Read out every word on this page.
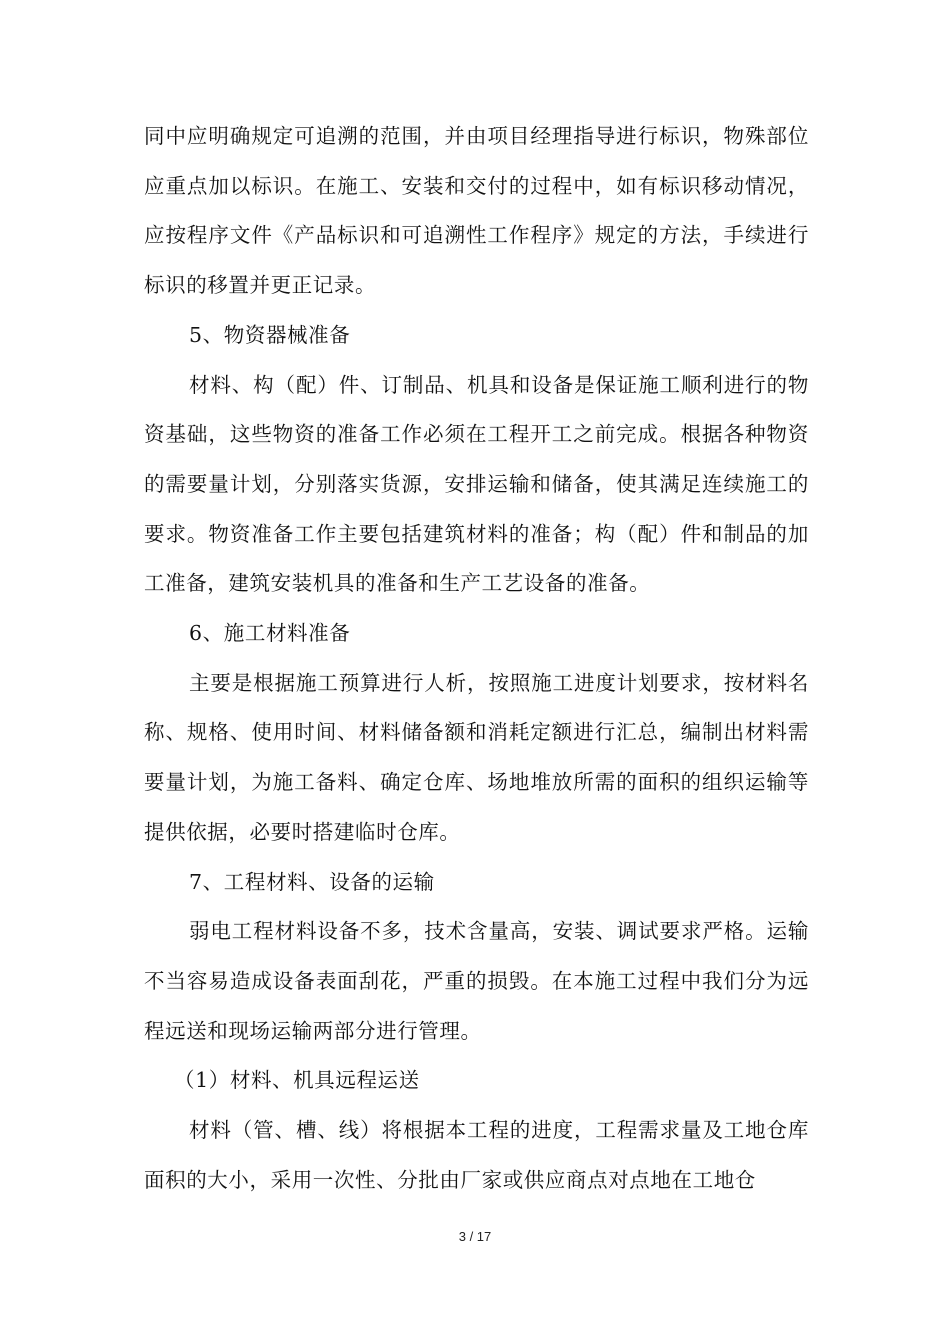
同中应明确规定可追溯的范围，并由项目经理指导进行标识，物殊部位应重点加以标识。在施工、安装和交付的过程中，如有标识移动情况，应按程序文件《产品标识和可追溯性工作程序》规定的方法，手续进行标识的移置并更正记录。

5、物资器械准备

材料、构（配）件、订制品、机具和设备是保证施工顺利进行的物资基础，这些物资的准备工作必须在工程开工之前完成。根据各种物资的需要量计划，分别落实货源，安排运输和储备，使其满足连续施工的要求。物资准备工作主要包括建筑材料的准备；构（配）件和制品的加工准备，建筑安装机具的准备和生产工艺设备的准备。

6、施工材料准备

主要是根据施工预算进行人析，按照施工进度计划要求，按材料名称、规格、使用时间、材料储备额和消耗定额进行汇总，编制出材料需要量计划，为施工备料、确定仓库、场地堆放所需的面积的组织运输等提供依据，必要时搭建临时仓库。

7、工程材料、设备的运输

弱电工程材料设备不多，技术含量高，安装、调试要求严格。运输不当容易造成设备表面刮花，严重的损毁。在本施工过程中我们分为远程远送和现场运输两部分进行管理。

（1）材料、机具远程运送

材料（管、槽、线）将根据本工程的进度，工程需求量及工地仓库面积的大小，采用一次性、分批由厂家或供应商点对点地在工地仓

3 / 17
